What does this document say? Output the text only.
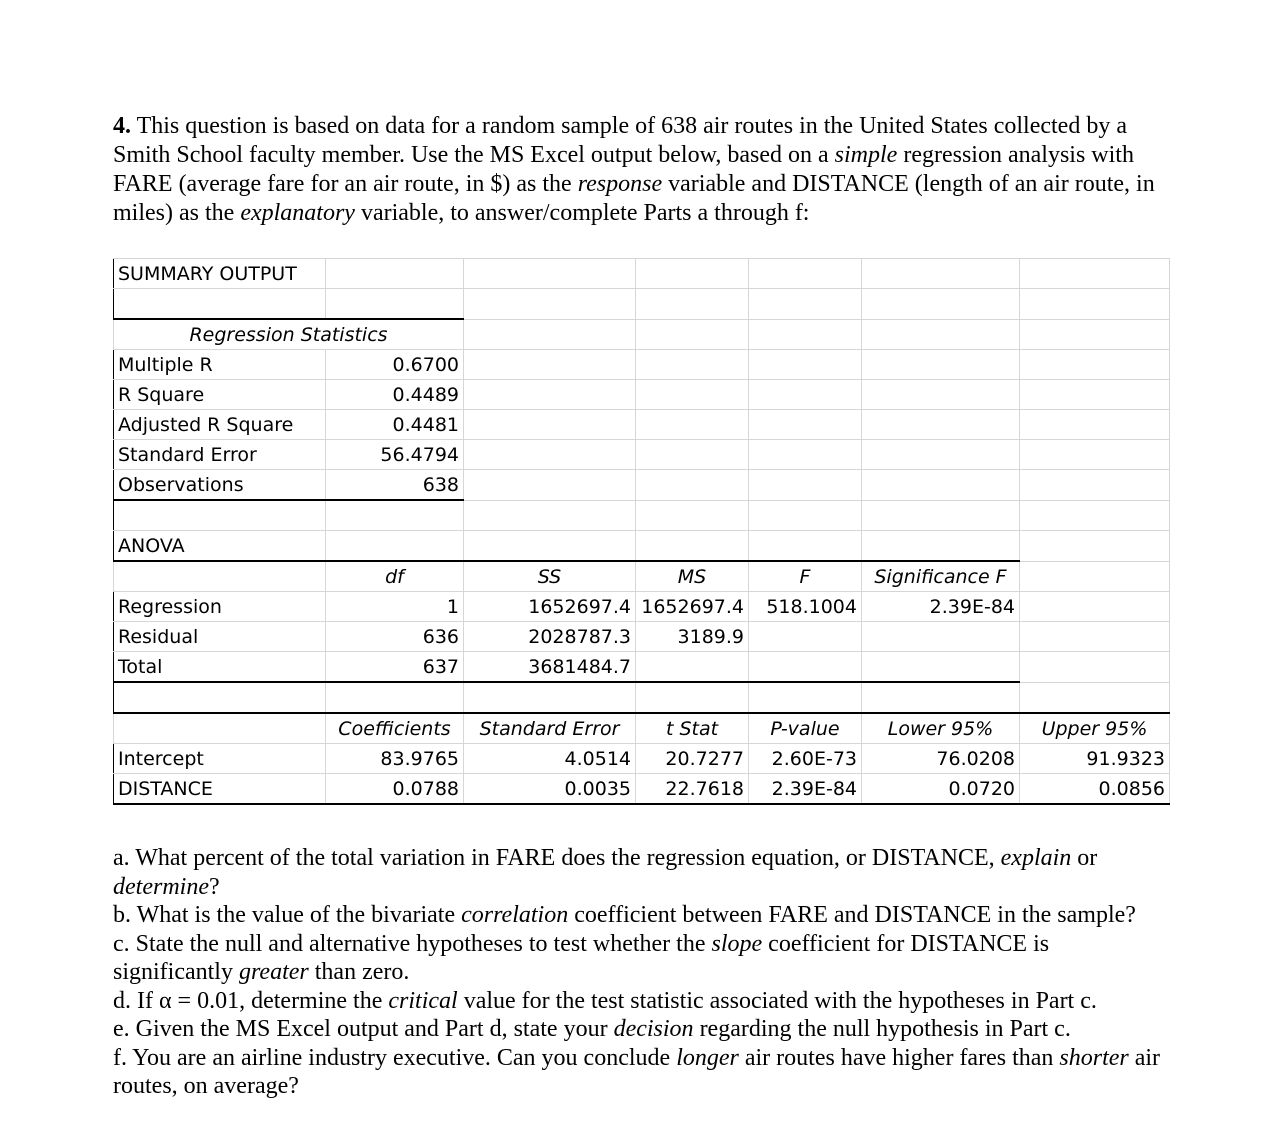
4. This question is based on data for a random sample of 638 air routes in the United States collected by a Smith School faculty member. Use the MS Excel output below, based on a simple regression analysis with FARE (average fare for an air route, in $) as the response variable and DISTANCE (length of an air route, in miles) as the explanatory variable, to answer/complete Parts a through f:
SUMMARY OUTPUT						

Regression Statistics						
Multiple R	0.6700					
R Square	0.4489					
Adjusted R Square	0.4481					
Standard Error	56.4794					
Observations	638					

ANOVA						
	df	SS	MS	F	Significance F	
Regression	1	1652697.4	1652697.4	518.1004	2.39E-84	
Residual	636	2028787.3	3189.9			
Total	637	3681484.7				

	Coefficients	Standard Error	t Stat	P-value	Lower 95%	Upper 95%
Intercept	83.9765	4.0514	20.7277	2.60E-73	76.0208	91.9323
DISTANCE	0.0788	0.0035	22.7618	2.39E-84	0.0720	0.0856

a. What percent of the total variation in FARE does the regression equation, or DISTANCE, explain or determine?

b. What is the value of the bivariate correlation coefficient between FARE and DISTANCE in the sample?

c. State the null and alternative hypotheses to test whether the slope coefficient for DISTANCE is significantly greater than zero.

d. If α = 0.01, determine the critical value for the test statistic associated with the hypotheses in Part c.

e. Given the MS Excel output and Part d, state your decision regarding the null hypothesis in Part c.

f. You are an airline industry executive. Can you conclude longer air routes have higher fares than shorter air routes, on average?
